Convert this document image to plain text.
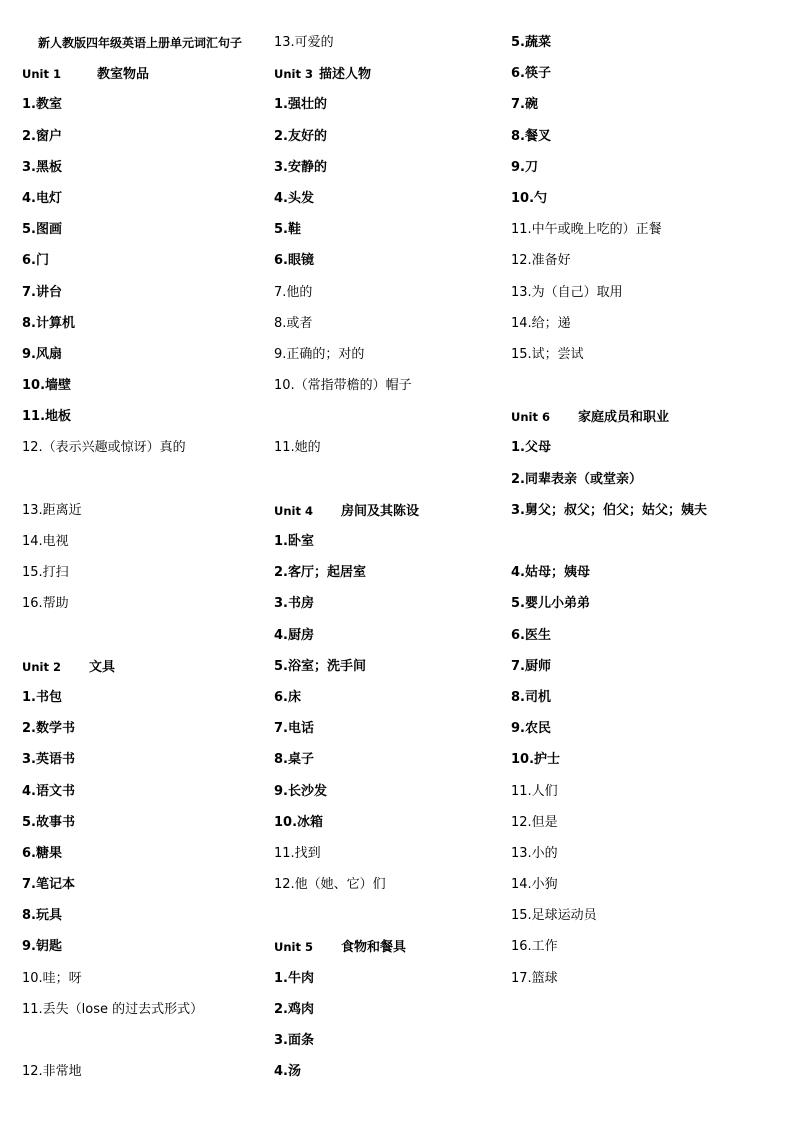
新人教版四年级英语上册单元词汇句子
Unit 1	教室物品
1.教室
2.窗户
3.黑板
4.电灯
5.图画
6.门
7.讲台
8.计算机
9.风扇
10.墙壁
11.地板
12.（表示兴趣或惊讶）真的
13.距离近
14.电视
15.打扫
16.帮助
Unit 2 文具
1.书包
2.数学书
3.英语书
4.语文书
5.故事书
6.糖果
7.笔记本
8.玩具
9.钥匙
10.哇；呀
11.丢失（lose 的过去式形式）
12.非常地
13.可爱的
Unit 3 描述人物
1.强壮的
2.友好的
3.安静的
4.头发
5.鞋
6.眼镜
7.他的
8.或者
9.正确的；对的
10.（常指带檐的）帽子
11.她的
Unit 4 房间及其陈设
1.卧室
2.客厅；起居室
3.书房
4.厨房
5.浴室；洗手间
6.床
7.电话
8.桌子
9.长沙发
10.冰箱
11.找到
12.他（她、它）们
Unit 5 食物和餐具
1.牛肉
2.鸡肉
3.面条
4.汤
5.蔬菜
6.筷子
7.碗
8.餐叉
9.刀
10.勺
11.中午或晚上吃的）正餐
12.准备好
13.为（自己）取用
14.给；递
15.试；尝试
Unit 6 家庭成员和职业
1.父母
2.同辈表亲（或堂亲）
3.舅父；叔父；伯父；姑父；姨夫
4.姑母；姨母
5.婴儿小弟弟
6.医生
7.厨师
8.司机
9.农民
10.护士
11.人们
12.但是
13.小的
14.小狗
15.足球运动员
16.工作
17.篮球
